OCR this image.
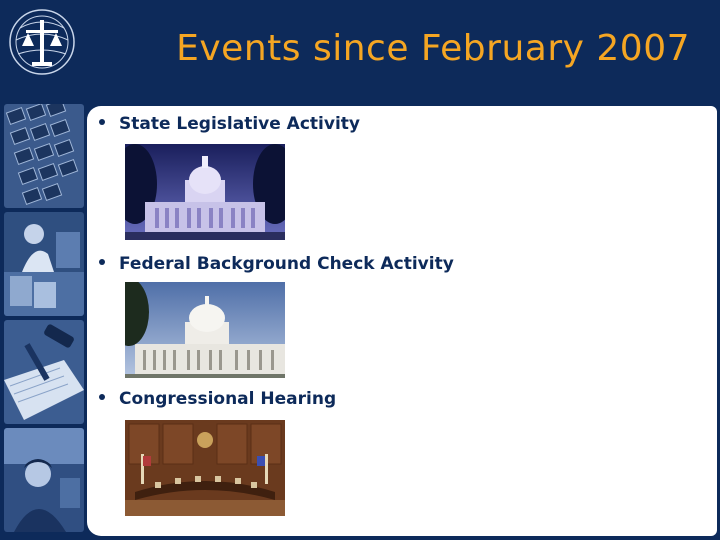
Events since February 2007
State Legislative Activity
Federal Background Check Activity
Congressional Hearing
